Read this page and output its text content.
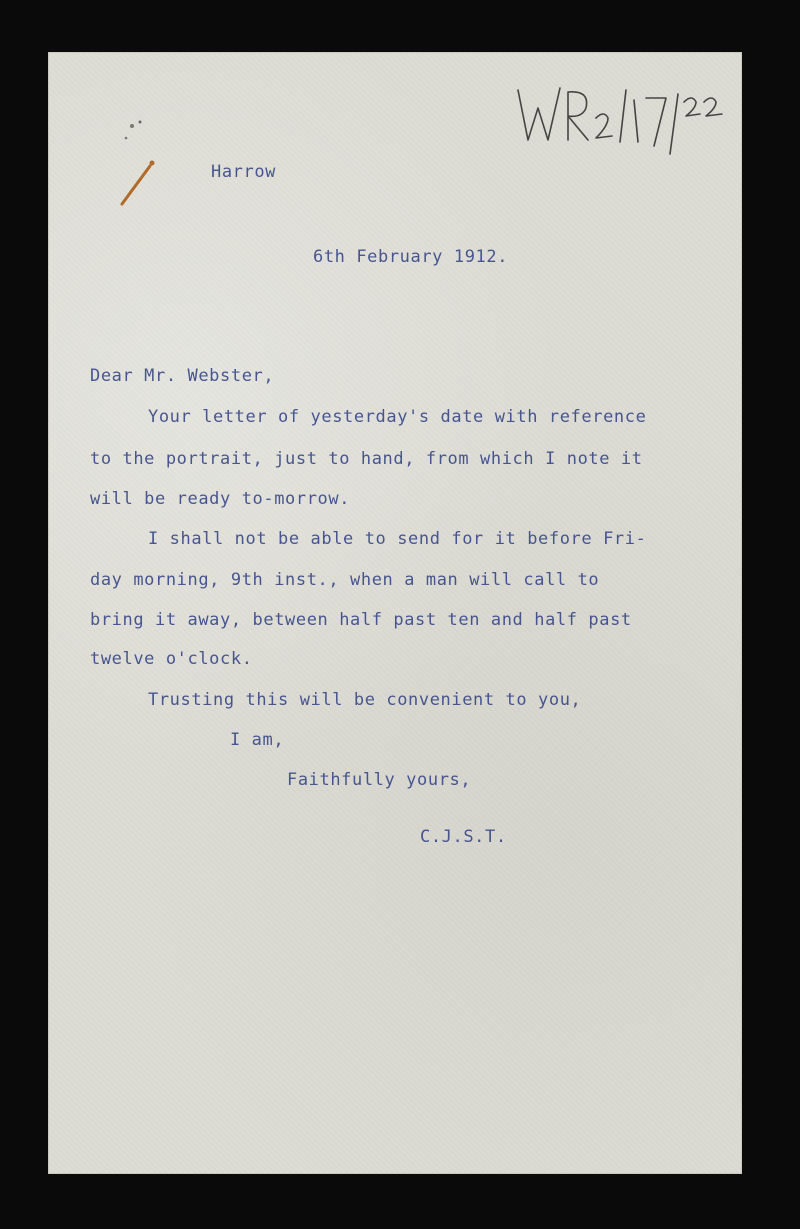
Harrow
6th February 1912.
Dear Mr. Webster,
Your letter of yesterday's date with reference
to the portrait, just to hand, from which I note it
will be ready to-morrow.
I shall not be able to send for it before Fri-
day morning, 9th inst., when a man will call to
bring it away, between half past ten and half past
twelve o'clock.
Trusting this will be convenient to you,
I am,
Faithfully yours,
C.J.S.T.
